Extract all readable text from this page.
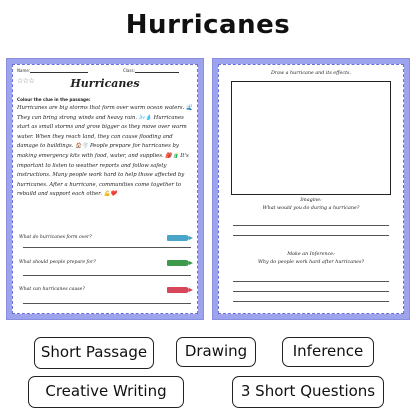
Hurricanes
Name:	Class:
☆☆☆	Hurricanes
Colour the clue in the passage:
Hurricanes are big storms that form over warm ocean waters. 🌊 They can bring strong winds and heavy rain. 🌬️💧 Hurricanes start as small storms and grow bigger as they move over warm water. When they reach land, they can cause flooding and damage to buildings. 🏠🌪️ People prepare for hurricanes by making emergency kits with food, water, and supplies. 🎒🧃 It's important to listen to weather reports and follow safety instructions. Many people work hard to help those affected by hurricanes. After a hurricane, communities come together to rebuild and support each other. 💪❤️
What do hurricanes form over?
What should people prepare for?
What can hurricanes cause?
Draw a hurricane and its effects.
Imagine:
What would you do during a hurricane?
Make an Inference:
Why do people work hard after hurricanes?
Short Passage	Drawing	Inference
Creative Writing	3 Short Questions
